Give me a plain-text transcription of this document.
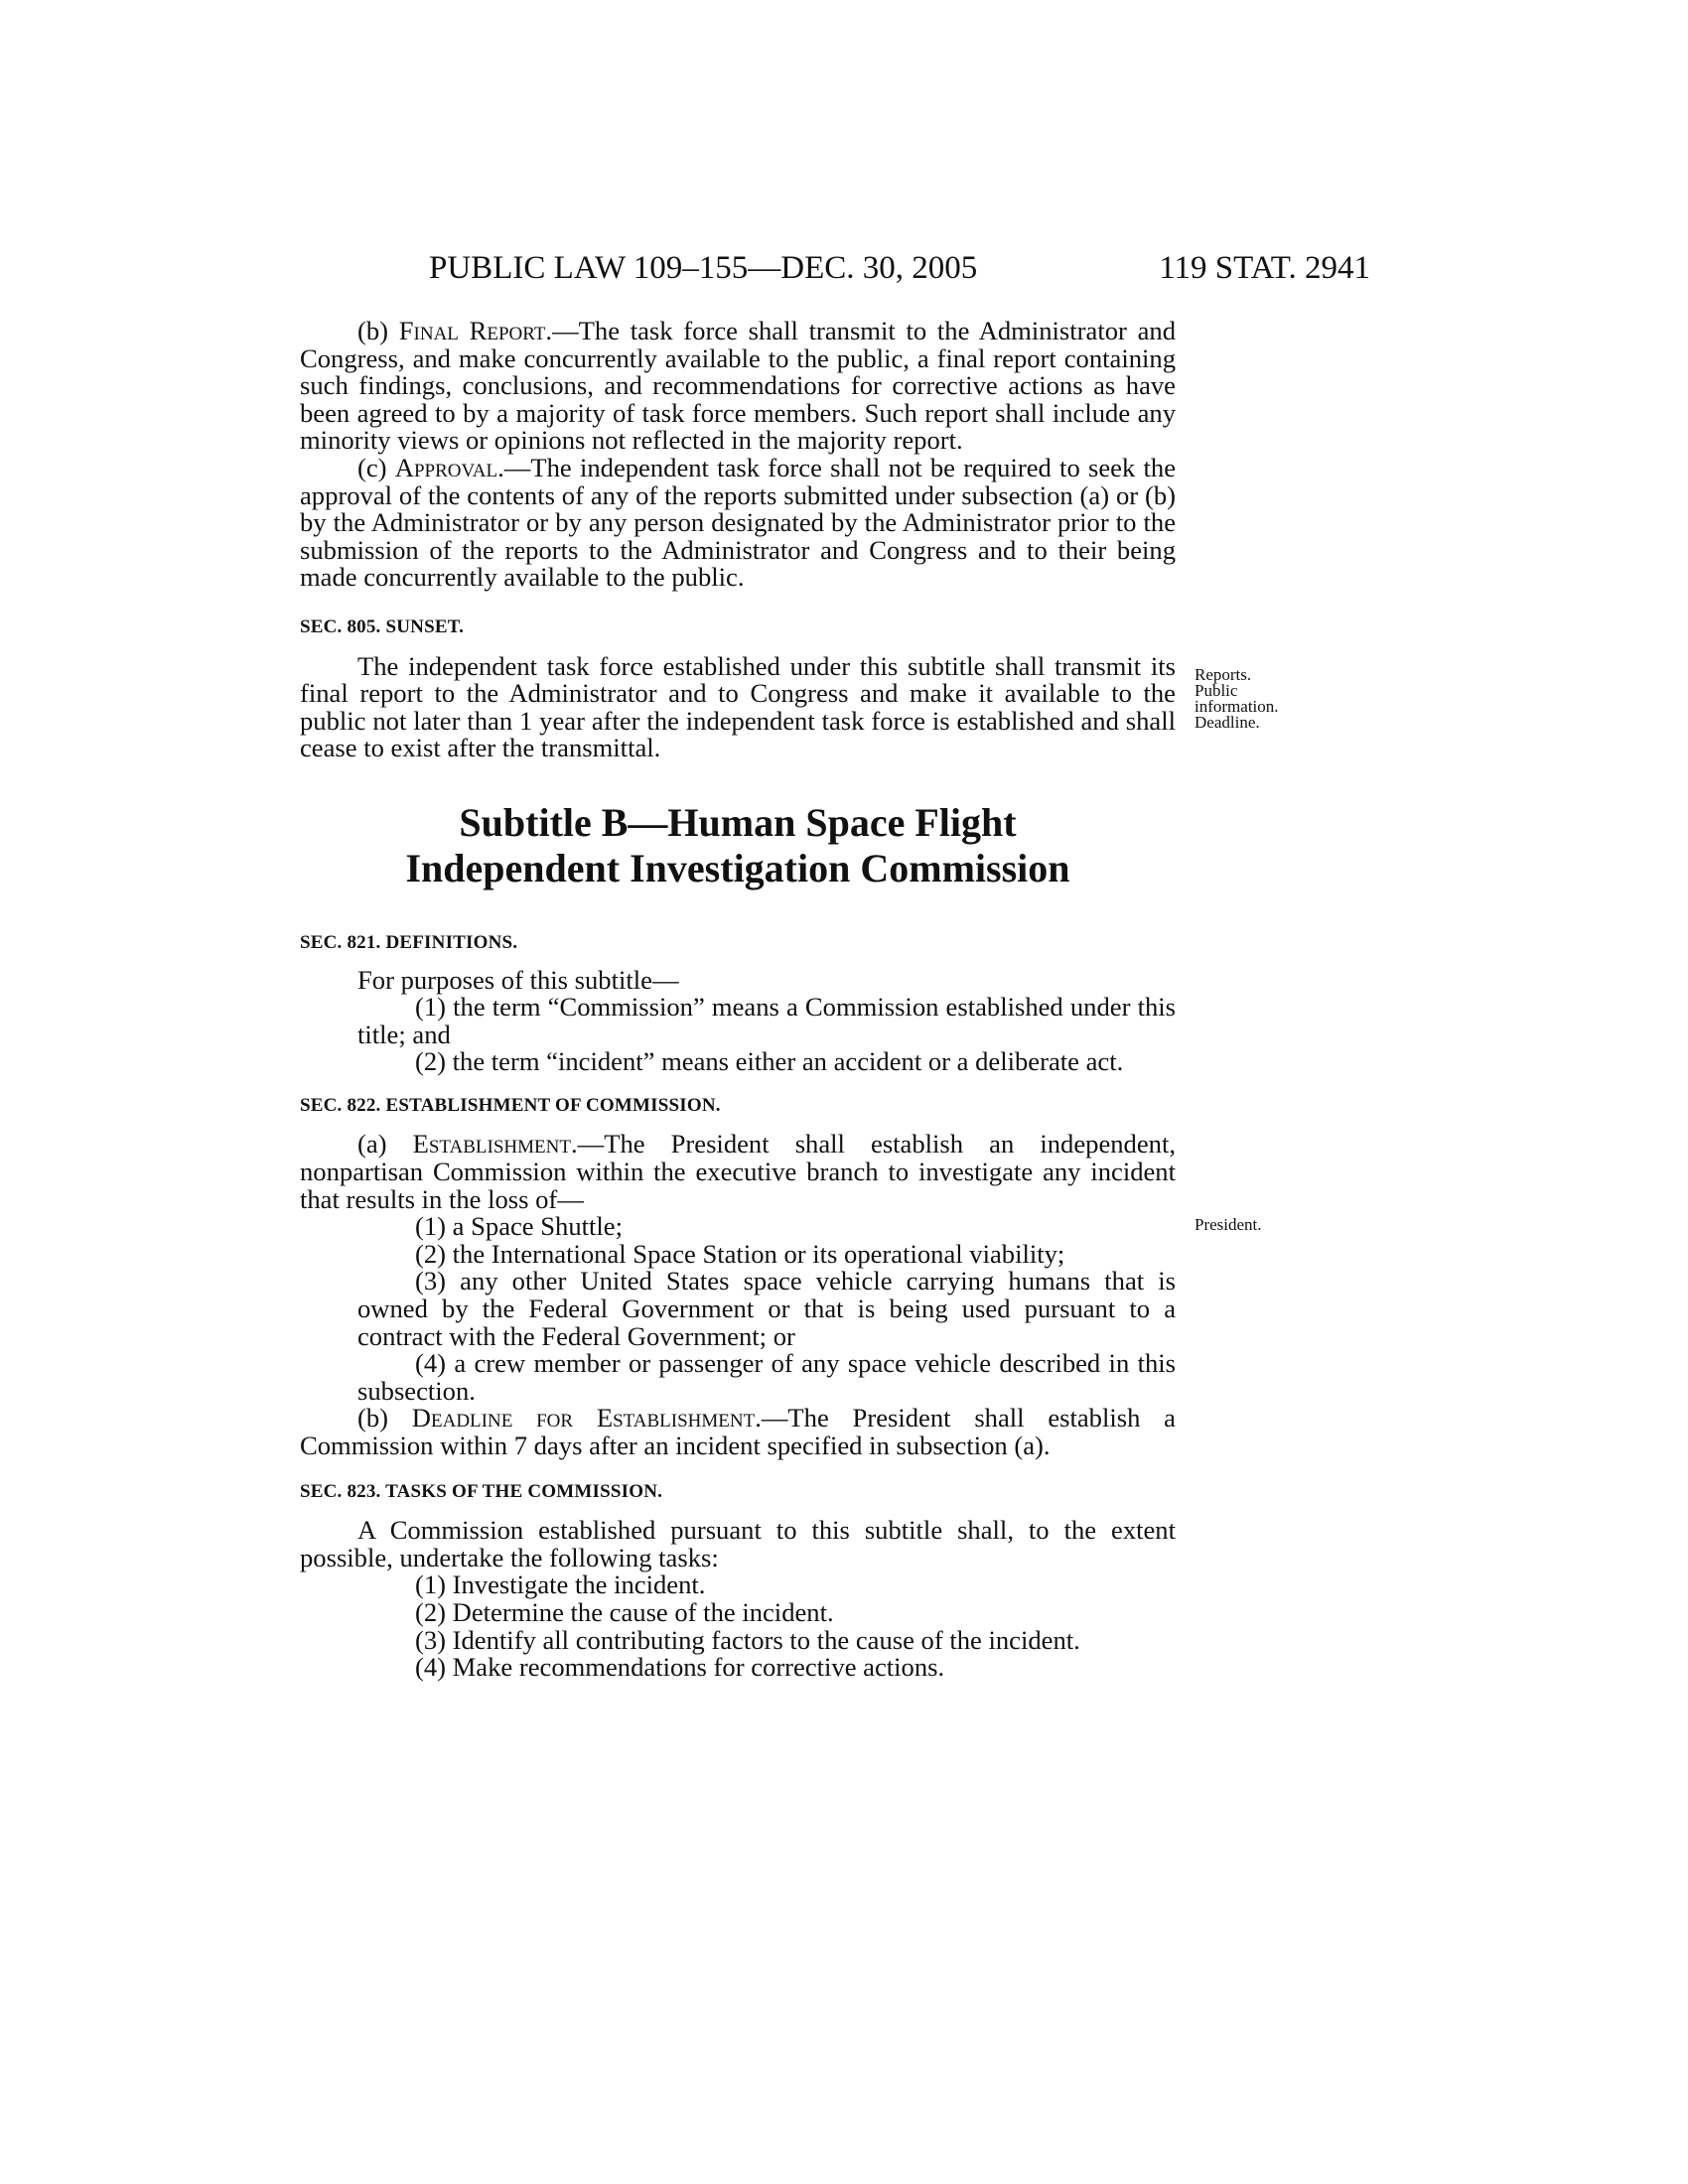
PUBLIC LAW 109–155—DEC. 30, 2005	119 STAT. 2941
Reports.
Public
information.
Deadline.
President.

(b) Final Report.—The task force shall transmit to the Administrator and Congress, and make concurrently available to the public, a final report containing such findings, conclusions, and recommendations for corrective actions as have been agreed to by a majority of task force members. Such report shall include any minority views or opinions not reflected in the majority report.

(c) Approval.—The independent task force shall not be required to seek the approval of the contents of any of the reports submitted under subsection (a) or (b) by the Administrator or by any person designated by the Administrator prior to the submission of the reports to the Administrator and Congress and to their being made concurrently available to the public.

SEC. 805. SUNSET.

The independent task force established under this subtitle shall transmit its final report to the Administrator and to Congress and make it available to the public not later than 1 year after the independent task force is established and shall cease to exist after the transmittal.

Subtitle B—Human Space Flight
Independent Investigation Commission

SEC. 821. DEFINITIONS.

For purposes of this subtitle—

(1) the term “Commission” means a Commission established under this title; and

(2) the term “incident” means either an accident or a deliberate act.

SEC. 822. ESTABLISHMENT OF COMMISSION.

(a) Establishment.—The President shall establish an independent, nonpartisan Commission within the executive branch to investigate any incident that results in the loss of—

(1) a Space Shuttle;

(2) the International Space Station or its operational viability;

(3) any other United States space vehicle carrying humans that is owned by the Federal Government or that is being used pursuant to a contract with the Federal Government; or

(4) a crew member or passenger of any space vehicle described in this subsection.

(b) Deadline for Establishment.—The President shall establish a Commission within 7 days after an incident specified in subsection (a).

SEC. 823. TASKS OF THE COMMISSION.

A Commission established pursuant to this subtitle shall, to the extent possible, undertake the following tasks:

(1) Investigate the incident.

(2) Determine the cause of the incident.

(3) Identify all contributing factors to the cause of the incident.

(4) Make recommendations for corrective actions.
